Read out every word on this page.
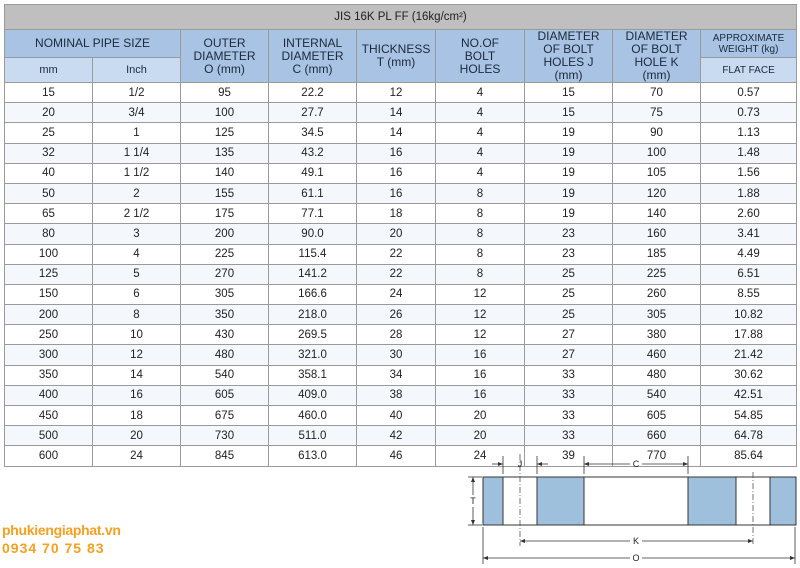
JIS 16K PL FF (16kg/cm²)								
NOMINAL PIPE SIZE		OUTER
DIAMETER
O (mm)	INTERNAL
DIAMETER
C (mm)	THICKNESS
T (mm)	NO.OF
BOLT
HOLES	DIAMETER
OF BOLT
HOLES J
(mm)	DIAMETER
OF BOLT
HOLE K
(mm)	APPROXIMATE
WEIGHT (kg)
mm	Inch							FLAT FACE
15	1/2	95	22.2	12	4	15	70	0.57
20	3/4	100	27.7	14	4	15	75	0.73
25	1	125	34.5	14	4	19	90	1.13
32	1 1/4	135	43.2	16	4	19	100	1.48
40	1 1/2	140	49.1	16	4	19	105	1.56
50	2	155	61.1	16	8	19	120	1.88
65	2 1/2	175	77.1	18	8	19	140	2.60
80	3	200	90.0	20	8	23	160	3.41
100	4	225	115.4	22	8	23	185	4.49
125	5	270	141.2	22	8	25	225	6.51
150	6	305	166.6	24	12	25	260	8.55
200	8	350	218.0	26	12	25	305	10.82
250	10	430	269.5	28	12	27	380	17.88
300	12	480	321.0	30	16	27	460	21.42
350	14	540	358.1	34	16	33	480	30.62
400	16	605	409.0	38	16	33	540	42.51
450	18	675	460.0	40	20	33	605	54.85
500	20	730	511.0	42	20	33	660	64.78
600	24	845	613.0	46	24	39	770	85.64
J	C
T
K
O
phukiengiaphat.vn
0934 70 75 83
